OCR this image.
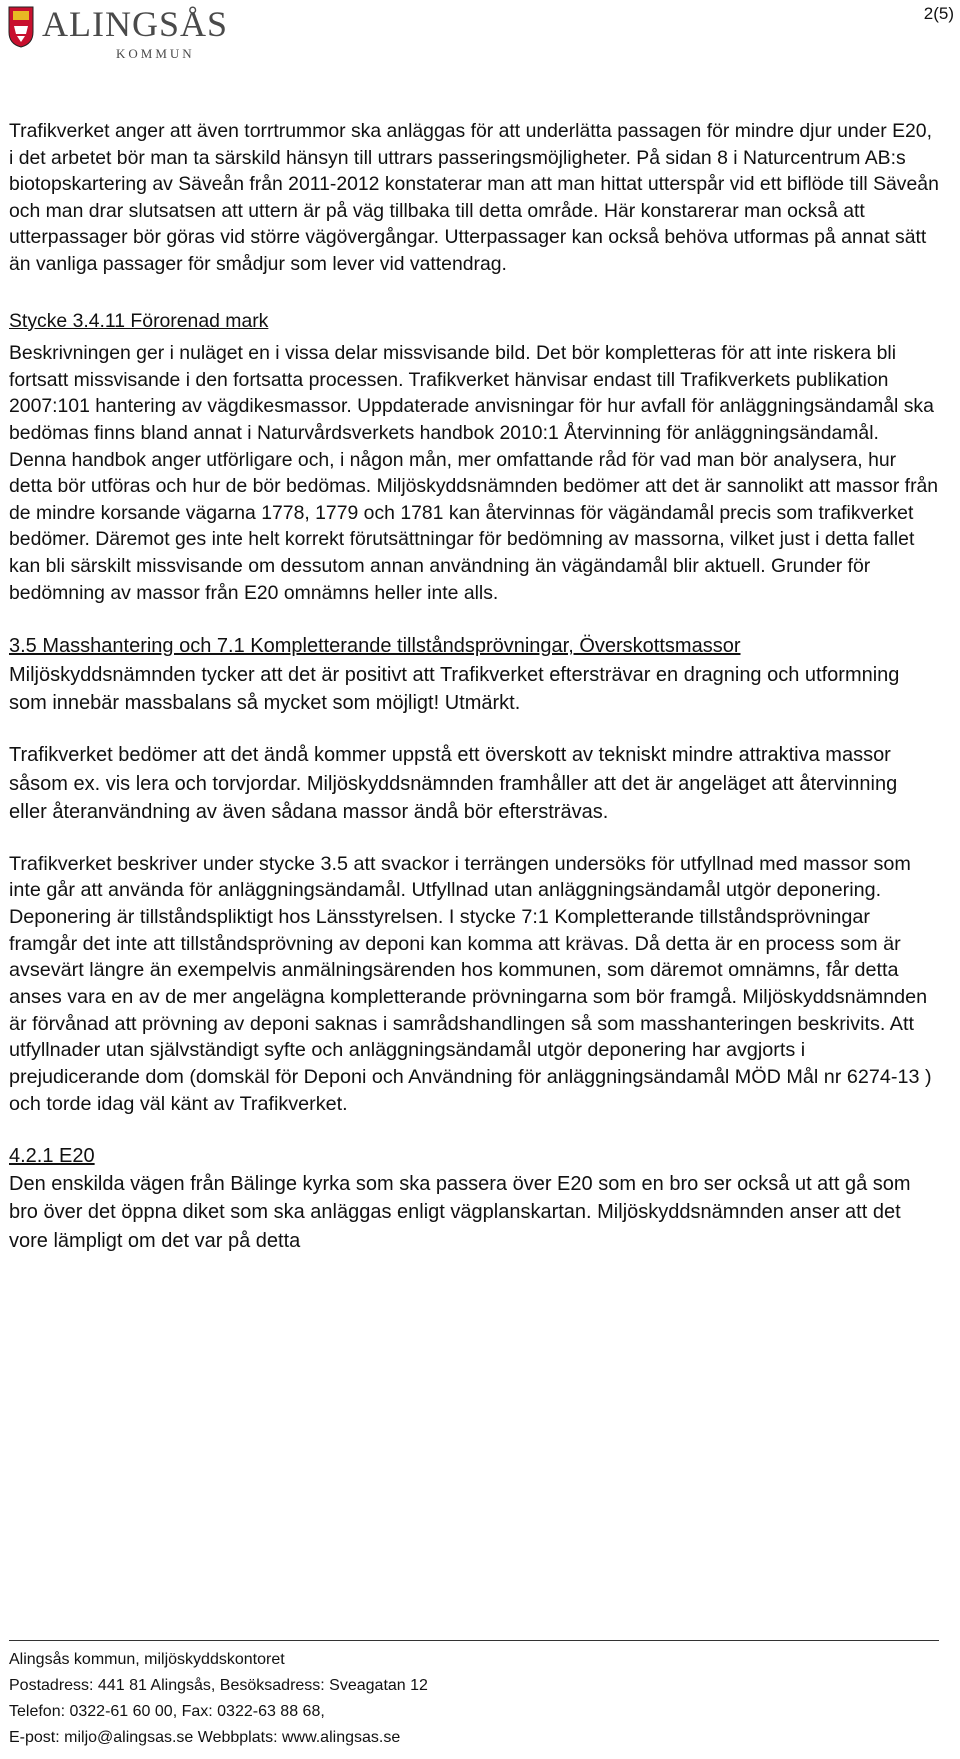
ALINGSÅS
KOMMUN
2(5)

Trafikverket anger att även torrtrummor ska anläggas för att underlätta passagen för mindre djur under E20, i det arbetet bör man ta särskild hänsyn till uttrars passeringsmöjligheter. På sidan 8 i Naturcentrum AB:s biotopskartering av Säveån från 2011-2012 konstaterar man att man hittat utterspår vid ett biflöde till Säveån och man drar slutsatsen att uttern är på väg tillbaka till detta område. Här konstarerar man också att utterpassager bör göras vid större vägövergångar. Utterpassager kan också behöva utformas på annat sätt än vanliga passager för smådjur som lever vid vattendrag.

Stycke 3.4.11 Förorenad mark

Beskrivningen ger i nuläget en i vissa delar missvisande bild. Det bör kompletteras för att inte riskera bli fortsatt missvisande i den fortsatta processen. Trafikverket hänvisar endast till Trafikverkets publikation 2007:101 hantering av vägdikesmassor. Uppdaterade anvisningar för hur avfall för anläggningsändamål ska bedömas finns bland annat i Naturvårdsverkets handbok 2010:1 Återvinning för anläggningsändamål. Denna handbok anger utförligare och, i någon mån, mer omfattande råd för vad man bör analysera, hur detta bör utföras och hur de bör bedömas. Miljöskyddsnämnden bedömer att det är sannolikt att massor från de mindre korsande vägarna 1778, 1779 och 1781 kan återvinnas för vägändamål precis som trafikverket bedömer. Däremot ges inte helt korrekt förutsättningar för bedömning av massorna, vilket just i detta fallet kan bli särskilt missvisande om dessutom annan användning än vägändamål blir aktuell. Grunder för bedömning av massor från E20 omnämns heller inte alls.

3.5 Masshantering och 7.1 Kompletterande tillståndsprövningar, Överskottsmassor

Miljöskyddsnämnden tycker att det är positivt att Trafikverket eftersträvar en dragning och utformning som innebär massbalans så mycket som möjligt! Utmärkt.

Trafikverket bedömer att det ändå kommer uppstå ett överskott av tekniskt mindre attraktiva massor såsom ex. vis lera och torvjordar. Miljöskyddsnämnden framhåller att det är angeläget att återvinning eller återanvändning av även sådana massor ändå bör eftersträvas.

Trafikverket beskriver under stycke 3.5 att svackor i terrängen undersöks för utfyllnad med massor som inte går att använda för anläggningsändamål. Utfyllnad utan anläggningsändamål utgör deponering. Deponering är tillståndspliktigt hos Länsstyrelsen. I stycke 7:1 Kompletterande tillståndsprövningar framgår det inte att tillståndsprövning av deponi kan komma att krävas. Då detta är en process som är avsevärt längre än exempelvis anmälningsärenden hos kommunen, som däremot omnämns, får detta anses vara en av de mer angelägna kompletterande prövningarna som bör framgå. Miljöskyddsnämnden är förvånad att prövning av deponi saknas i samrådshandlingen så som masshanteringen beskrivits. Att utfyllnader utan självständigt syfte och anläggningsändamål utgör deponering har avgjorts i prejudicerande dom (domskäl för Deponi och Användning för anläggningsändamål MÖD Mål nr 6274-13 ) och torde idag väl känt av Trafikverket.

4.2.1 E20

Den enskilda vägen från Bälinge kyrka som ska passera över E20 som en bro ser också ut att gå som bro över det öppna diket som ska anläggas enligt vägplanskartan. Miljöskyddsnämnden anser att det vore lämpligt om det var på detta

Alingsås kommun, miljöskyddskontoret

Postadress: 441 81 Alingsås, Besöksadress: Sveagatan 12

Telefon: 0322-61 60 00, Fax: 0322-63 88 68,

E-post: miljo@alingsas.se Webbplats: www.alingsas.se
